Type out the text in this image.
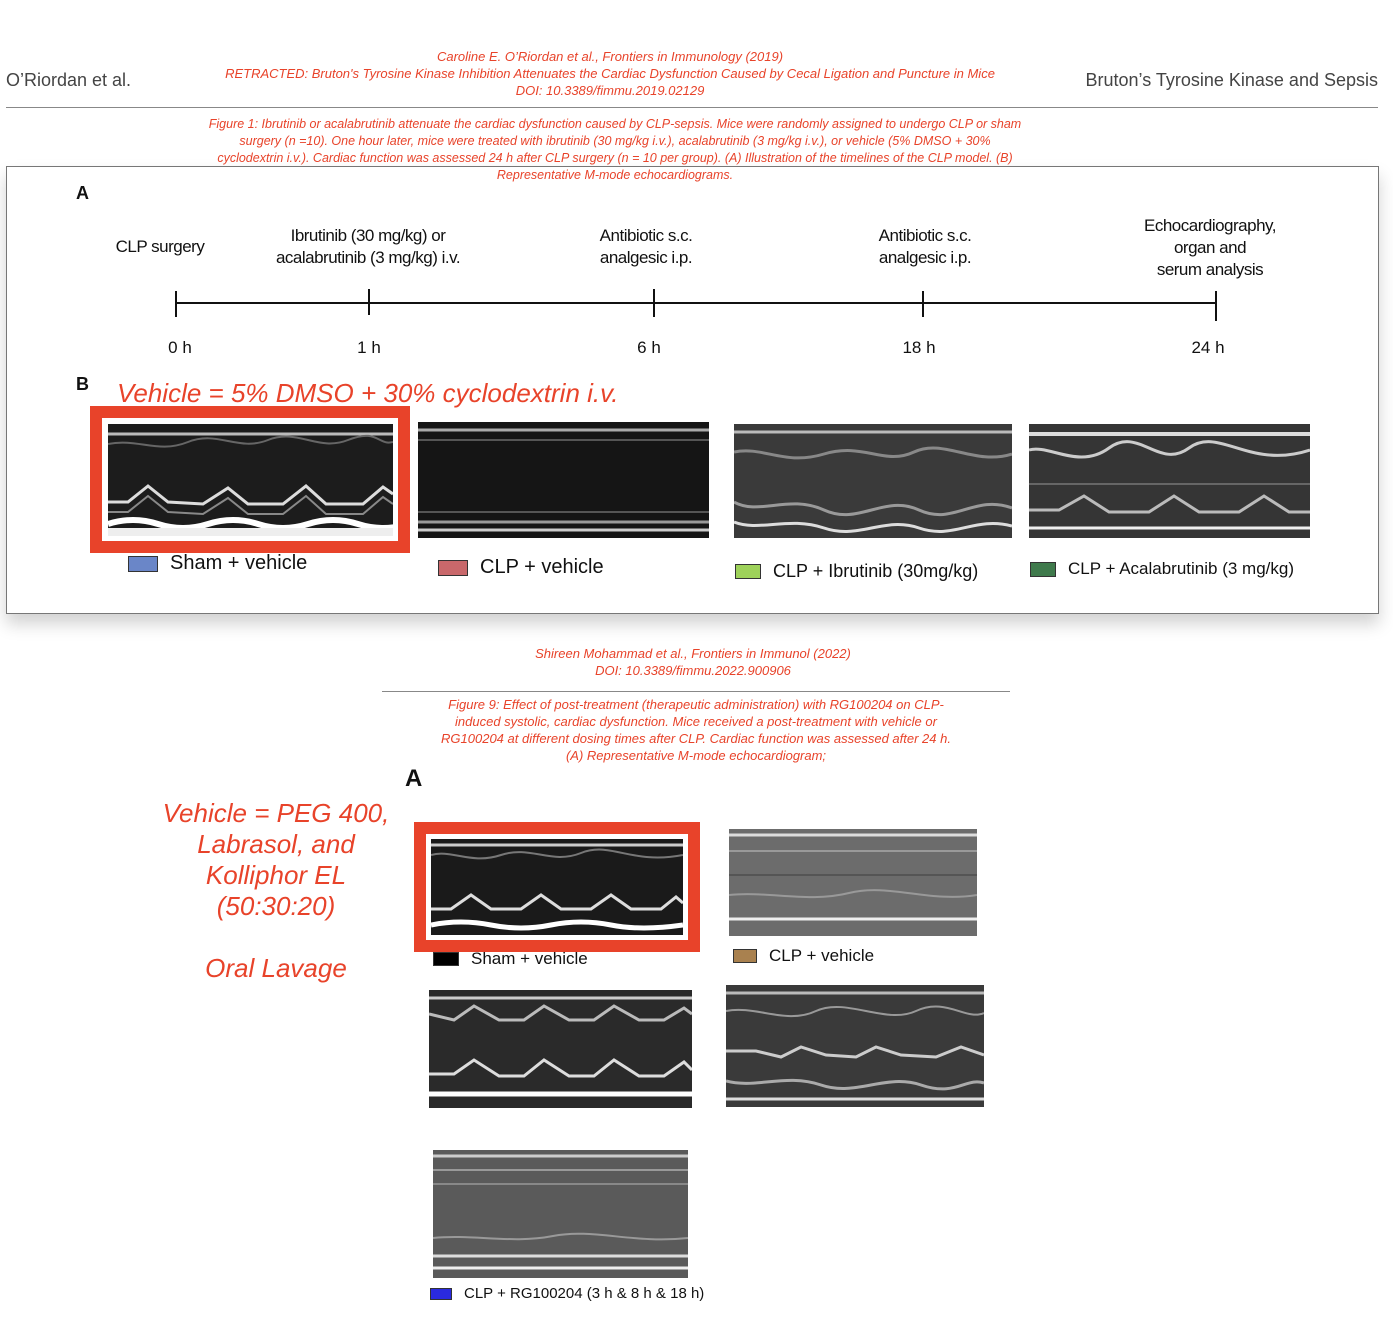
O’Riordan et al.	Bruton’s Tyrosine Kinase and Sepsis
Caroline E. O’Riordan et al., Frontiers in Immunology (2019)
RETRACTED: Bruton's Tyrosine Kinase Inhibition Attenuates the Cardiac Dysfunction Caused by Cecal Ligation and Puncture in Mice
DOI: 10.3389/fimmu.2019.02129
Figure 1: Ibrutinib or acalabrutinib attenuate the cardiac dysfunction caused by CLP-sepsis. Mice were randomly assigned to undergo CLP or sham
surgery (n =10). One hour later, mice were treated with ibrutinib (30 mg/kg i.v.), acalabrutinib (3 mg/kg i.v.), or vehicle (5% DMSO + 30%
cyclodextrin i.v.). Cardiac function was assessed 24 h after CLP surgery (n = 10 per group). (A) Illustration of the timelines of the CLP model. (B)
Representative M-mode echocardiograms.
A
CLP surgery
Ibrutinib (30 mg/kg) or
acalabrutinib (3 mg/kg) i.v.
Antibiotic s.c.
analgesic i.p.
Antibiotic s.c.
analgesic i.p.
Echocardiography,
organ and
serum analysis
0 h	1 h	6 h	18 h	24 h
B Vehicle = 5% DMSO + 30% cyclodextrin i.v.
Sham + vehicle	CLP + vehicle	CLP + Ibrutinib (30mg/kg)	CLP + Acalabrutinib (3 mg/kg)
Shireen Mohammad et al., Frontiers in Immunol (2022)
DOI: 10.3389/fimmu.2022.900906
Figure 9: Effect of post-treatment (therapeutic administration) with RG100204 on CLP-
induced systolic, cardiac dysfunction. Mice received a post-treatment with vehicle or
RG100204 at different dosing times after CLP. Cardiac function was assessed after 24 h.
(A) Representative M-mode echocardiogram;
A
Vehicle = PEG 400,
Labrasol, and
Kolliphor EL
(50:30:20)
Oral Lavage	Sham + vehicle	CLP + vehicle
CLP + RG100204 (3 h & 8 h & 18 h)
